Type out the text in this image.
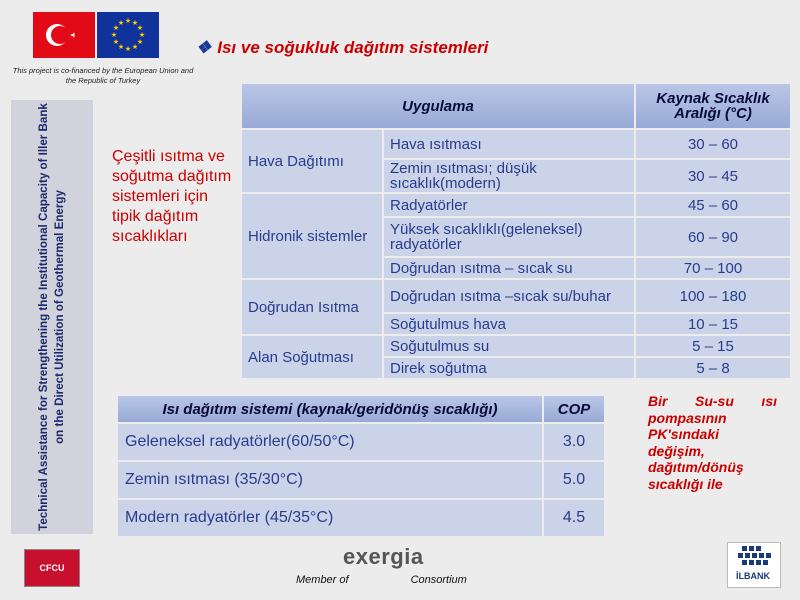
★ ★
★
★
★
★
★
★
★
★
★
★
This project is co-financed by the European Union and the Republic of Turkey
❖ Isı ve soğukluk dağıtım sistemleri
Technical Assistance for Strengthening the Institutional Capacity of Iller Bank on the Direct Utilization of Geothermal Energy
Çeşitli ısıtma ve soğutma dağıtım sistemleri için tipik dağıtım sıcaklıkları
Uygulama		Kaynak Sıcaklık Aralığı (°C)
Hava Dağıtımı	Hava ısıtması	30 – 60
	Zemin ısıtması; düşük sıcaklık(modern)	30 – 45
Hidronik sistemler	Radyatörler	45 – 60
	Yüksek sıcaklıklı(geleneksel) radyatörler	60 – 90
	Doğrudan ısıtma – sıcak su	70 – 100
Doğrudan Isıtma	Doğrudan ısıtma –sıcak su/buhar	100 – 180
	Soğutulmus hava	10 – 15
Alan Soğutması	Soğutulmus su	5 – 15
	Direk soğutma	5 – 8
Isı dağıtım sistemi (kaynak/geridönüş sıcaklığı)	COP
Geleneksel radyatörler(60/50°C)	3.0
Zemin ısıtması (35/30°C)	5.0
Modern radyatörler (45/35°C)	4.5
Bir Su-su ısı
pompasının PK'sındaki değişim, dağıtım/dönüş sıcaklığı ile
CFCU	exergia
Member of	Consortium	İLBANK
